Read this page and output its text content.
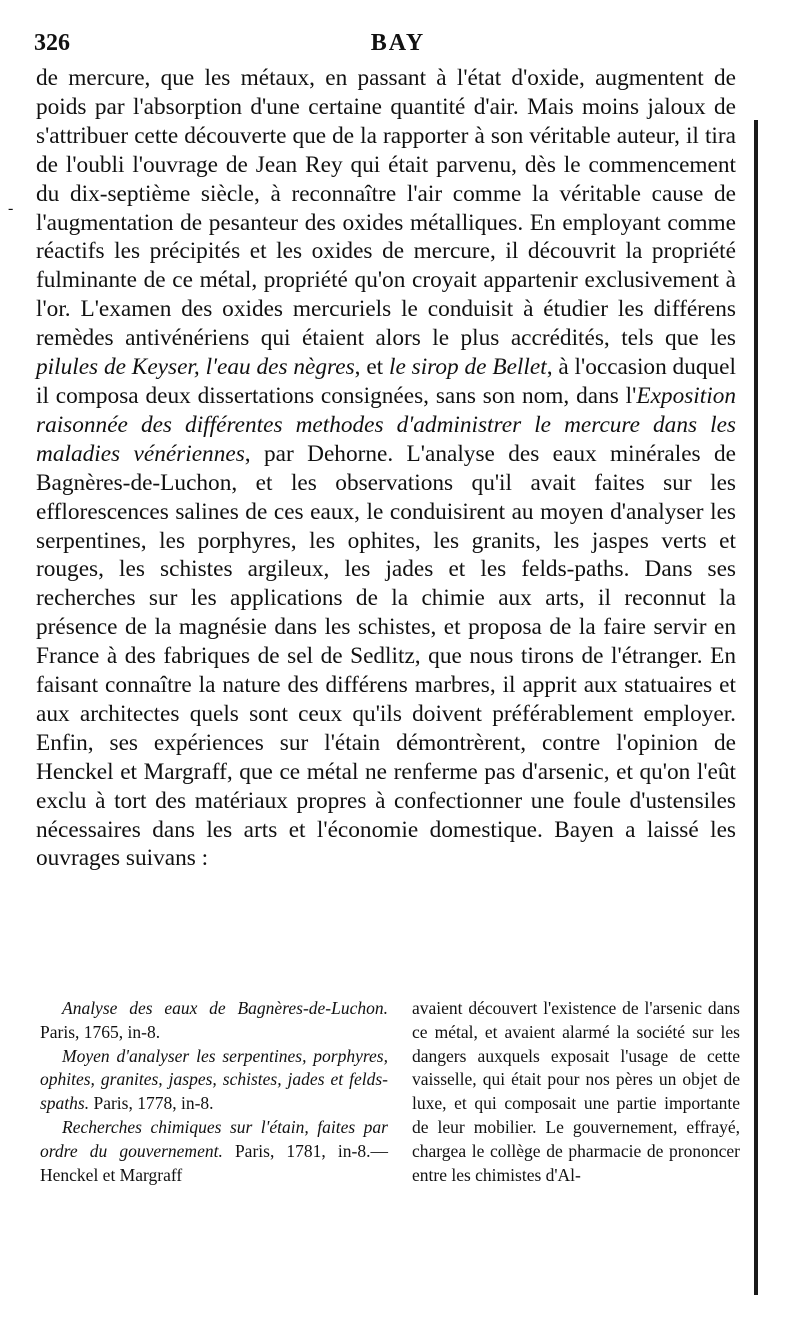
326	BAY
-

de mercure, que les métaux, en passant à l'état d'oxide, augmentent de poids par l'absorption d'une certaine quantité d'air. Mais moins jaloux de s'attribuer cette découverte que de la rapporter à son véritable auteur, il tira de l'oubli l'ouvrage de Jean Rey qui était parvenu, dès le commencement du dix-septième siècle, à reconnaître l'air comme la véritable cause de l'augmentation de pesanteur des oxides métalliques. En employant comme réactifs les précipités et les oxides de mercure, il découvrit la propriété fulminante de ce métal, propriété qu'on croyait appartenir exclusivement à l'or. L'examen des oxides mercuriels le conduisit à étudier les différens remèdes antivénériens qui étaient alors le plus accrédités, tels que les pilules de Keyser, l'eau des nègres, et le sirop de Bellet, à l'occasion duquel il composa deux dissertations consignées, sans son nom, dans l'Exposition raisonnée des différentes methodes d'administrer le mercure dans les maladies vénériennes, par Dehorne. L'analyse des eaux minérales de Bagnères-de-Luchon, et les observations qu'il avait faites sur les efflorescences salines de ces eaux, le conduisirent au moyen d'analyser les serpentines, les porphyres, les ophites, les granits, les jaspes verts et rouges, les schistes argileux, les jades et les felds-paths. Dans ses recherches sur les applications de la chimie aux arts, il reconnut la présence de la magnésie dans les schistes, et proposa de la faire servir en France à des fabriques de sel de Sedlitz, que nous tirons de l'étranger. En faisant connaître la nature des différens marbres, il apprit aux statuaires et aux architectes quels sont ceux qu'ils doivent préférablement employer. Enfin, ses expériences sur l'étain démontrèrent, contre l'opinion de Henckel et Margraff, que ce métal ne renferme pas d'arsenic, et qu'on l'eût exclu à tort des matériaux propres à confectionner une foule d'ustensiles nécessaires dans les arts et l'économie domestique. Bayen a laissé les ouvrages suivans :

Analyse des eaux de Bagnères-de-Luchon. Paris, 1765, in-8.

Moyen d'analyser les serpentines, porphyres, ophites, granites, jaspes, schistes, jades et felds-spaths. Paris, 1778, in-8.

Recherches chimiques sur l'étain, faites par ordre du gouvernement. Paris, 1781, in-8.— Henckel et Margraff

avaient découvert l'existence de l'arsenic dans ce métal, et avaient alarmé la société sur les dangers auxquels exposait l'usage de cette vaisselle, qui était pour nos pères un objet de luxe, et qui composait une partie importante de leur mobilier. Le gouvernement, effrayé, chargea le collège de pharmacie de prononcer entre les chimistes d'Al-
